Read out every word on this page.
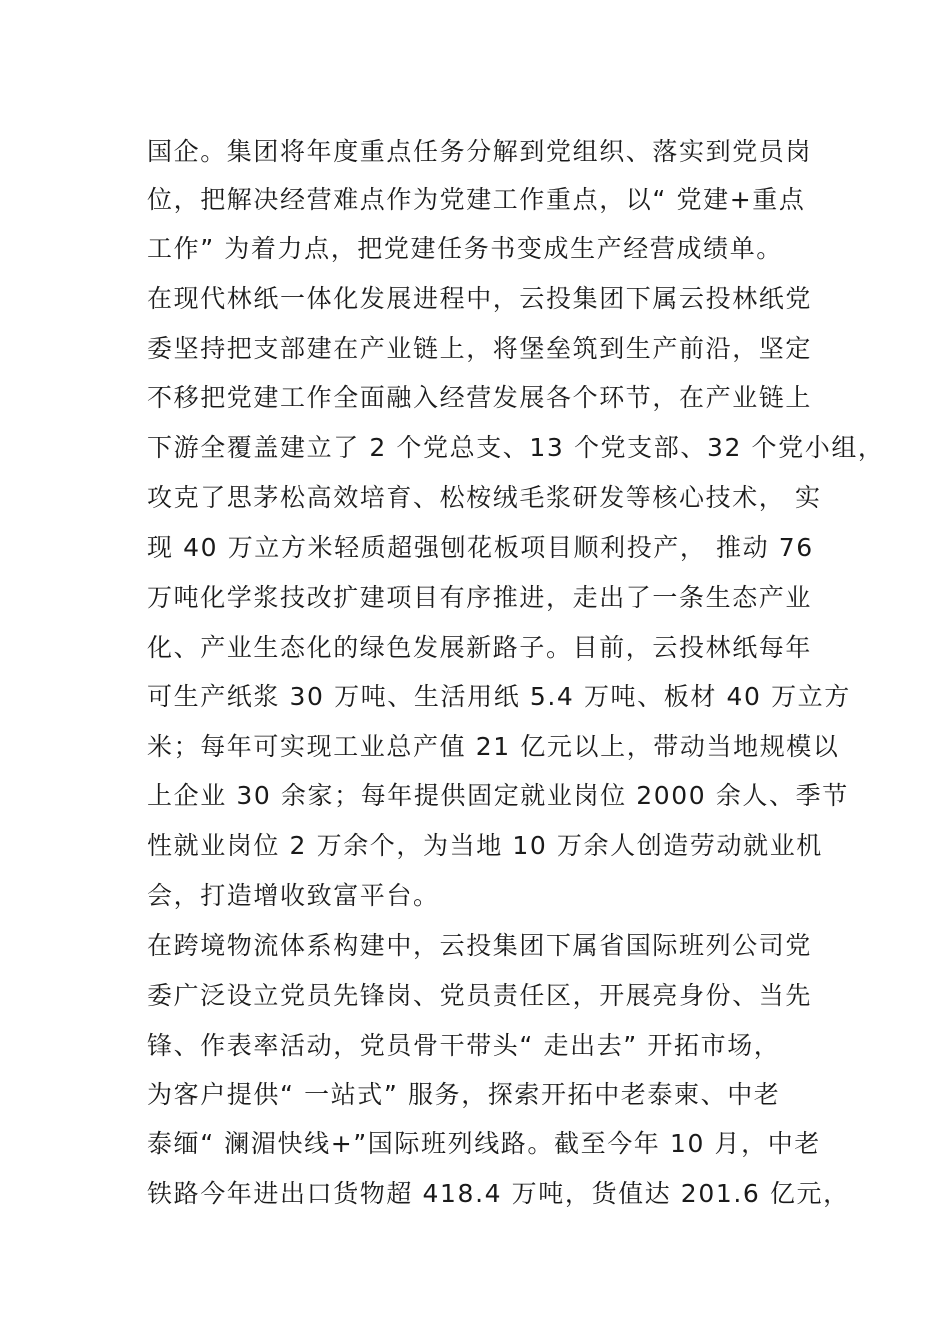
国企。集团将年度重点任务分解到党组织、落实到党员岗
位，把解决经营难点作为党建工作重点，以“ 党建+重点
工作” 为着力点，把党建任务书变成生产经营成绩单。
在现代林纸一体化发展进程中，云投集团下属云投林纸党
委坚持把支部建在产业链上，将堡垒筑到生产前沿，坚定
不移把党建工作全面融入经营发展各个环节，在产业链上
下游全覆盖建立了 2 个党总支、13 个党支部、32 个党小组，
攻克了思茅松高效培育、松桉绒毛浆研发等核心技术， 实
现 40 万立方米轻质超强刨花板项目顺利投产， 推动 76
万吨化学浆技改扩建项目有序推进，走出了一条生态产业
化、产业生态化的绿色发展新路子。目前，云投林纸每年
可生产纸浆 30 万吨、生活用纸 5.4 万吨、板材 40 万立方
米；每年可实现工业总产值 21 亿元以上，带动当地规模以
上企业 30 余家；每年提供固定就业岗位 2000 余人、季节
性就业岗位 2 万余个，为当地 10 万余人创造劳动就业机
会，打造增收致富平台。
在跨境物流体系构建中，云投集团下属省国际班列公司党
委广泛设立党员先锋岗、党员责任区，开展亮身份、当先
锋、作表率活动，党员骨干带头“ 走出去” 开拓市场，
为客户提供“ 一站式” 服务，探索开拓中老泰柬、中老
泰缅“ 澜湄快线+”国际班列线路。截至今年 10 月，中老
铁路今年进出口货物超 418.4 万吨，货值达 201.6 亿元，
